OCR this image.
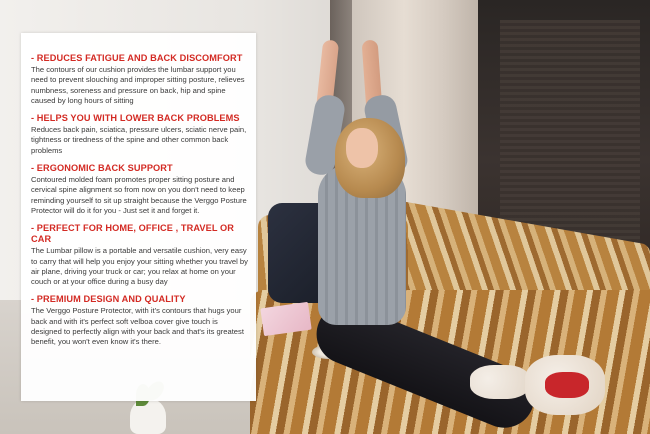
- REDUCES FATIGUE AND BACK DISCOMFORT

The contours of our cushion provides the lumbar support you need to prevent slouching and improper sitting posture, relieves numbness, soreness and pressure on back, hip and spine caused by long hours of sitting

- HELPS YOU WITH LOWER BACK PROBLEMS

Reduces back pain, sciatica, pressure ulcers, sciatic nerve pain, tightness or tiredness of the spine and other common back problems

- ERGONOMIC BACK SUPPORT

Contoured molded foam promotes proper sitting posture and cervical spine alignment so from now on you don't need to keep reminding yourself to sit up straight because the Verggo Posture Protector will do it for you - Just set it and forget it.

- PERFECT FOR HOME, OFFICE , TRAVEL OR CAR

The Lumbar pillow is a portable and versatile cushion, very easy to carry that will help you enjoy your sitting whether you travel by air plane, driving your truck or car; you relax at home on your couch or at your office during a busy day

- PREMIUM DESIGN AND QUALITY

The Verggo Posture Protector, with it's contours that hugs your back and with it's perfect soft velboa cover give touch is designed to perfectly align with your back and that's its greatest benefit, you won't even know it's there.
